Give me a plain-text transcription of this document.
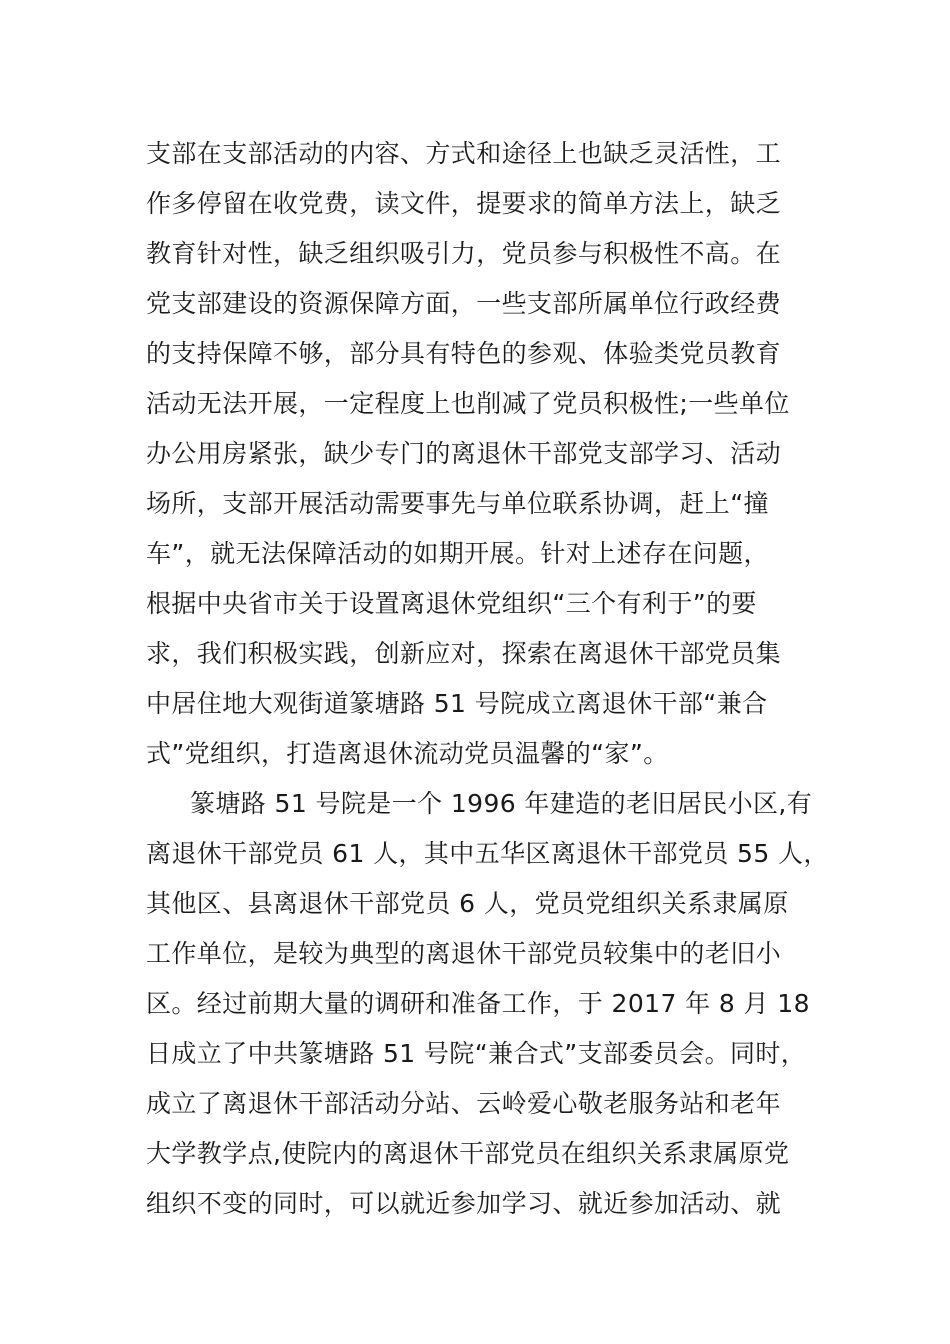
支部在支部活动的内容、方式和途径上也缺乏灵活性，工
作多停留在收党费，读文件，提要求的简单方法上，缺乏
教育针对性，缺乏组织吸引力，党员参与积极性不高。在
党支部建设的资源保障方面，一些支部所属单位行政经费
的支持保障不够，部分具有特色的参观、体验类党员教育
活动无法开展，一定程度上也削减了党员积极性;一些单位
办公用房紧张，缺少专门的离退休干部党支部学习、活动
场所，支部开展活动需要事先与单位联系协调，赶上“撞
车”，就无法保障活动的如期开展。针对上述存在问题，
根据中央省市关于设置离退休党组织“三个有利于”的要
求，我们积极实践，创新应对，探索在离退休干部党员集
中居住地大观街道篆塘路 51 号院成立离退休干部“兼合
式”党组织，打造离退休流动党员温馨的“家”。
篆塘路 51 号院是一个 1996 年建造的老旧居民小区,有
离退休干部党员 61 人，其中五华区离退休干部党员 55 人，
其他区、县离退休干部党员 6 人，党员党组织关系隶属原
工作单位，是较为典型的离退休干部党员较集中的老旧小
区。经过前期大量的调研和准备工作，于 2017 年 8 月 18
日成立了中共篆塘路 51 号院“兼合式”支部委员会。同时，
成立了离退休干部活动分站、云岭爱心敬老服务站和老年
大学教学点,使院内的离退休干部党员在组织关系隶属原党
组织不变的同时，可以就近参加学习、就近参加活动、就
